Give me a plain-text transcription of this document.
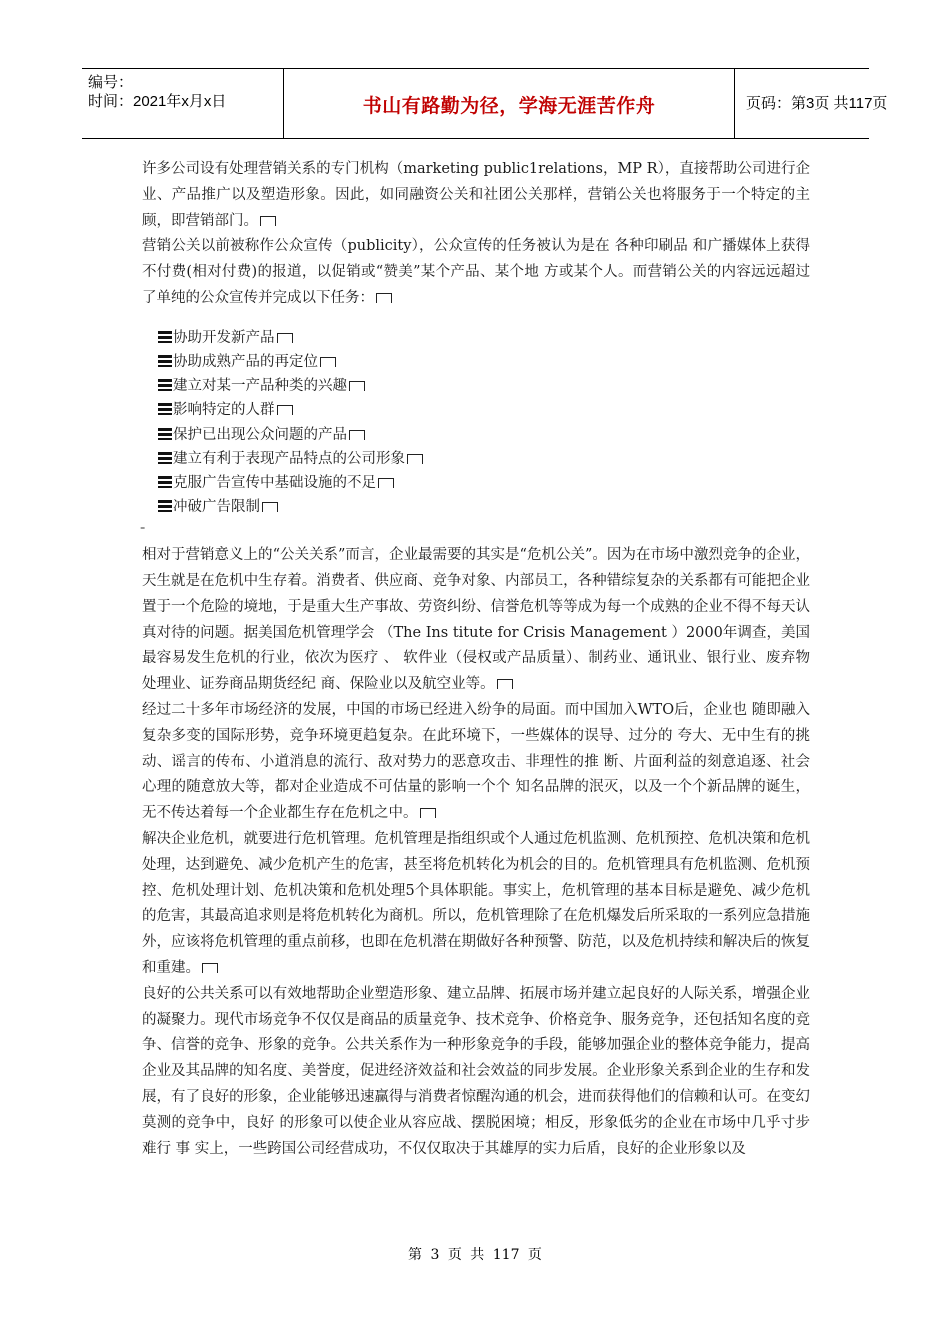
编号：
时间：2021年x月x日	书山有路勤为径，学海无涯苦作舟	页码：第3页 共117页

许多公司设有处理营销关系的专门机构（marketing public1relations，MP R），直接帮助公司进行企业、产品推广以及塑造形象。因此，如同融资公关和社团公关那样，营销公关也将服务于一个特定的主顾，即营销部门。

营销公关以前被称作公众宣传（publicity），公众宣传的任务被认为是在 各种印刷品 和广播媒体上获得不付费(相对付费)的报道，以促销或“赞美”某个产品、某个地 方或某个人。而营销公关的内容远远超过了单纯的公众宣传并完成以下任务：

协助开发新产品
协助成熟产品的再定位
建立对某一产品种类的兴趣
影响特定的人群
保护已出现公众问题的产品
建立有利于表现产品特点的公司形象
克服广告宣传中基础设施的不足
冲破广告限制
⁼

相对于营销意义上的“公关关系”而言，企业最需要的其实是“危机公关”。因为在市场中激烈竞争的企业，天生就是在危机中生存着。消费者、供应商、竞争对象、内部员工，各种错综复杂的关系都有可能把企业置于一个危险的境地，于是重大生产事故、劳资纠纷、信誉危机等等成为每一个成熟的企业不得不每天认真对待的问题。据美国危机管理学会 （The Ins titute for Crisis Management ）2000年调查，美国最容易发生危机的行业，依次为医疗 、 软件业（侵权或产品质量）、制药业、通讯业、银行业、废弃物处理业、证券商品期货经纪 商、保险业以及航空业等。

经过二十多年市场经济的发展，中国的市场已经进入纷争的局面。而中国加入WTO后，企业也 随即融入复杂多变的国际形势，竞争环境更趋复杂。在此环境下，一些媒体的误导、过分的 夸大、无中生有的挑动、谣言的传布、小道消息的流行、敌对势力的恶意攻击、非理性的推 断、片面利益的刻意追逐、社会心理的随意放大等，都对企业造成不可估量的影响一个个 知名品牌的泯灭，以及一个个新品牌的诞生，无不传达着每一个企业都生存在危机之中。

解决企业危机，就要进行危机管理。危机管理是指组织或个人通过危机监测、危机预控、危机决策和危机处理，达到避免、减少危机产生的危害，甚至将危机转化为机会的目的。危机管理具有危机监测、危机预控、危机处理计划、危机决策和危机处理5个具体职能。事实上，危机管理的基本目标是避免、减少危机的危害，其最高追求则是将危机转化为商机。所以，危机管理除了在危机爆发后所采取的一系列应急措施外，应该将危机管理的重点前移，也即在危机潜在期做好各种预警、防范，以及危机持续和解决后的恢复和重建。

良好的公共关系可以有效地帮助企业塑造形象、建立品牌、拓展市场并建立起良好的人际关系，增强企业的凝聚力。现代市场竞争不仅仅是商品的质量竞争、技术竞争、价格竞争、服务竞争，还包括知名度的竞争、信誉的竞争、形象的竞争。公共关系作为一种形象竞争的手段，能够加强企业的整体竞争能力，提高企业及其品牌的知名度、美誉度，促进经济效益和社会效益的同步发展。企业形象关系到企业的生存和发展，有了良好的形象，企业能够迅速赢得与消费者惊醒沟通的机会，进而获得他们的信赖和认可。在变幻莫测的竞争中，良好 的形象可以使企业从容应战、摆脱困境；相反，形象低劣的企业在市场中几乎寸步难行 事 实上，一些跨国公司经营成功，不仅仅取决于其雄厚的实力后盾，良好的企业形象以及

第 3 页 共 117 页
